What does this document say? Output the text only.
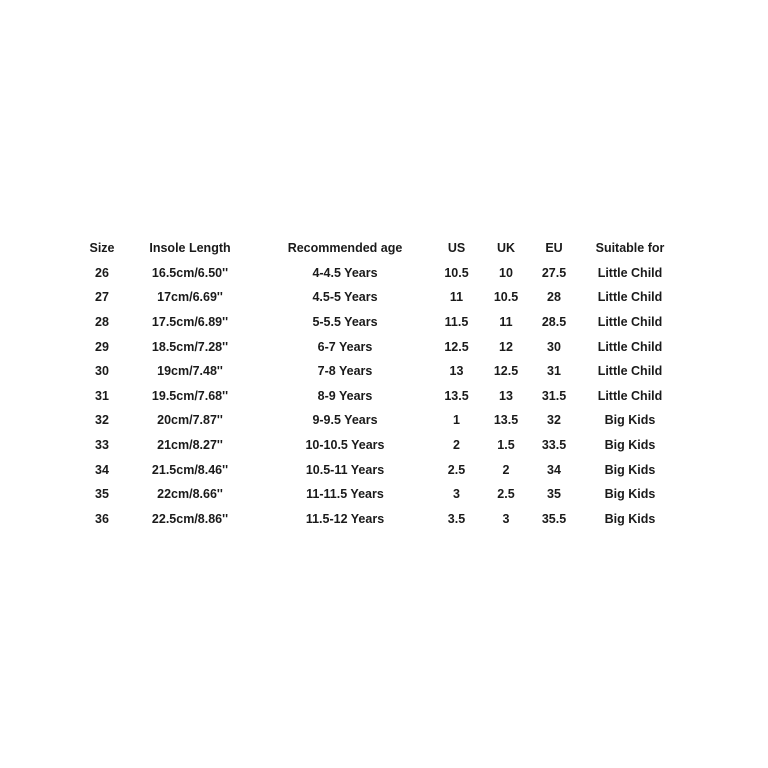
Size	Insole Length	Recommended age	US	UK	EU	Suitable for
26	16.5cm/6.50''	4-4.5 Years	10.5	10	27.5	Little Child
27	17cm/6.69''	4.5-5 Years	11	10.5	28	Little Child
28	17.5cm/6.89''	5-5.5 Years	11.5	11	28.5	Little Child
29	18.5cm/7.28''	6-7 Years	12.5	12	30	Little Child
30	19cm/7.48''	7-8 Years	13	12.5	31	Little Child
31	19.5cm/7.68''	8-9 Years	13.5	13	31.5	Little Child
32	20cm/7.87''	9-9.5 Years	1	13.5	32	Big Kids
33	21cm/8.27''	10-10.5 Years	2	1.5	33.5	Big Kids
34	21.5cm/8.46''	10.5-11 Years	2.5	2	34	Big Kids
35	22cm/8.66''	11-11.5 Years	3	2.5	35	Big Kids
36	22.5cm/8.86''	11.5-12 Years	3.5	3	35.5	Big Kids
